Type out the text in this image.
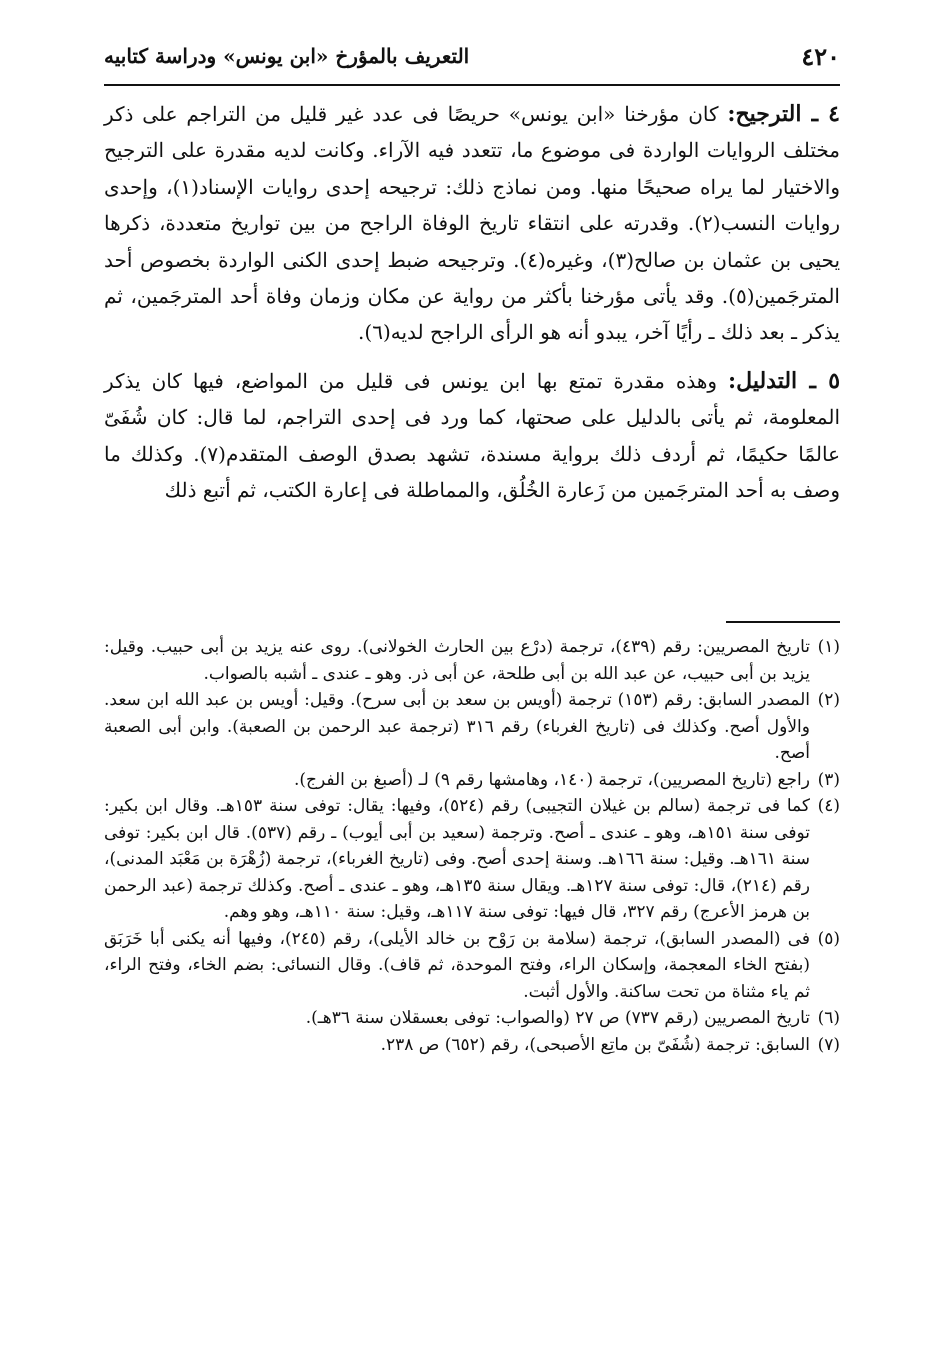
٤٢٠
التعريف بالمؤرخ «ابن يونس» ودراسة كتابيه

٤ ـ الترجيح: كان مؤرخنا «ابن يونس» حريصًا فى عدد غير قليل من التراجم على ذكر مختلف الروايات الواردة فى موضوع ما، تتعدد فيه الآراء. وكانت لديه مقدرة على الترجيح والاختيار لما يراه صحيحًا منها. ومن نماذج ذلك: ترجيحه إحدى روايات الإسناد(١)، وإحدى روايات النسب(٢). وقدرته على انتقاء تاريخ الوفاة الراجح من بين تواريخ متعددة، ذكرها يحيى بن عثمان بن صالح(٣)، وغيره(٤). وترجيحه ضبط إحدى الكنى الواردة بخصوص أحد المترجَمين(٥). وقد يأتى مؤرخنا بأكثر من رواية عن مكان وزمان وفاة أحد المترجَمين، ثم يذكر ـ بعد ذلك ـ رأيًا آخر، يبدو أنه هو الرأى الراجح لديه(٦).

٥ ـ التدليل: وهذه مقدرة تمتع بها ابن يونس فى قليل من المواضع، فيها كان يذكر المعلومة، ثم يأتى بالدليل على صحتها، كما ورد فى إحدى التراجم، لما قال: كان شُفَىّ عالمًا حكيمًا، ثم أردف ذلك برواية مسندة، تشهد بصدق الوصف المتقدم(٧). وكذلك ما وصف به أحد المترجَمين من زَعارة الخُلُق، والمماطلة فى إعارة الكتب، ثم أتبع ذلك

(١)تاريخ المصريين: رقم (٤٣٩)، ترجمة (درْع بين الحارث الخولانى). روى عنه يزيد بن أبى حبيب. وقيل: يزيد بن أبى حبيب، عن عبد الله بن أبى طلحة، عن أبى ذر. وهو ـ عندى ـ أشبه بالصواب.

(٢)المصدر السابق: رقم (١٥٣) ترجمة (أويس بن سعد بن أبى سرح). وقيل: أويس بن عبد الله ابن سعد. والأول أصح. وكذلك فى (تاريخ الغرباء) رقم ٣١٦ (ترجمة عبد الرحمن بن الصعبة). وابن أبى الصعبة أصح.

(٣)راجع (تاريخ المصريين)، ترجمة (١٤٠، وهامشها رقم ٩) لـ (أصبغ بن الفرج).

(٤)كما فى ترجمة (سالم بن غيلان التجيبى) رقم (٥٢٤)، وفيها: يقال: توفى سنة ١٥٣هـ. وقال ابن بكير: توفى سنة ١٥١هـ، وهو ـ عندى ـ أصح. وترجمة (سعيد بن أبى أيوب) ـ رقم (٥٣٧). قال ابن بكير: توفى سنة ١٦١هـ. وقيل: سنة ١٦٦هـ. وسنة إحدى أصح. وفى (تاريخ الغرباء)، ترجمة (زُهْرَة بن مَعْبَد المدنى)، رقم (٢١٤)، قال: توفى سنة ١٢٧هـ. ويقال سنة ١٣٥هـ، وهو ـ عندى ـ أصح. وكذلك ترجمة (عبد الرحمن بن هرمز الأعرج) رقم ٣٢٧، قال فيها: توفى سنة ١١٧هـ، وقيل: سنة ١١٠هـ، وهو وهم.

(٥)فى (المصدر السابق)، ترجمة (سلامة بن رَوْح بن خالد الأيلى)، رقم (٢٤٥)، وفيها أنه يكنى أبا خَرَبَق (بفتح الخاء المعجمة، وإسكان الراء، وفتح الموحدة، ثم قاف). وقال النسائى: بضم الخاء، وفتح الراء، ثم ياء مثناة من تحت ساكنة. والأول أثبت.

(٦)تاريخ المصريين (رقم ٧٣٧) ص ٢٧ (والصواب: توفى بعسقلان سنة ٣٦هـ).

(٧)السابق: ترجمة (شُفَىّ بن ماتِع الأصبحى)، رقم (٦٥٢) ص ٢٣٨.
